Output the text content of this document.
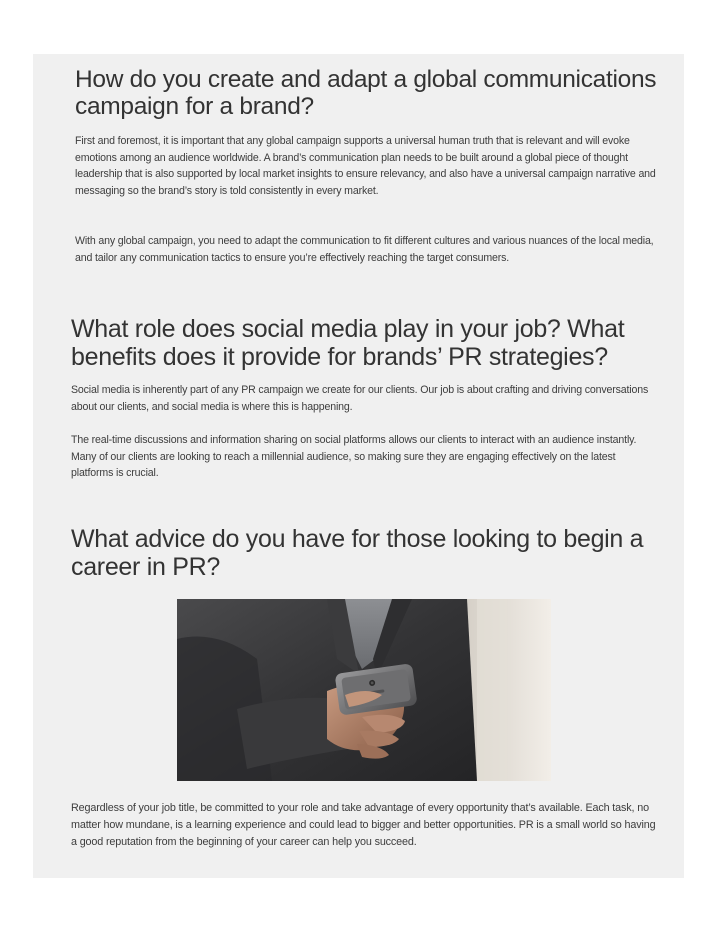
How do you create and adapt a global communications campaign for a brand?

First and foremost, it is important that any global campaign supports a universal human truth that is relevant and will evoke emotions among an audience worldwide. A brand’s communication plan needs to be built around a global piece of thought leadership that is also supported by local market insights to ensure relevancy, and also have a universal campaign narrative and messaging so the brand’s story is told consistently in every market.

With any global campaign, you need to adapt the communication to fit different cultures and various nuances of the local media, and tailor any communication tactics to ensure you’re effectively reaching the target consumers.

What role does social media play in your job? What benefits does it provide for brands’ PR strategies?

Social media is inherently part of any PR campaign we create for our clients. Our job is about crafting and driving conversations about our clients, and social media is where this is happening.

The real-time discussions and information sharing on social platforms allows our clients to interact with an audience instantly. Many of our clients are looking to reach a millennial audience, so making sure they are engaging effectively on the latest platforms is crucial.

What advice do you have for those looking to begin a career in PR?

Regardless of your job title, be committed to your role and take advantage of every opportunity that’s available. Each task, no matter how mundane, is a learning experience and could lead to bigger and better opportunities. PR is a small world so having a good reputation from the beginning of your career can help you succeed.
